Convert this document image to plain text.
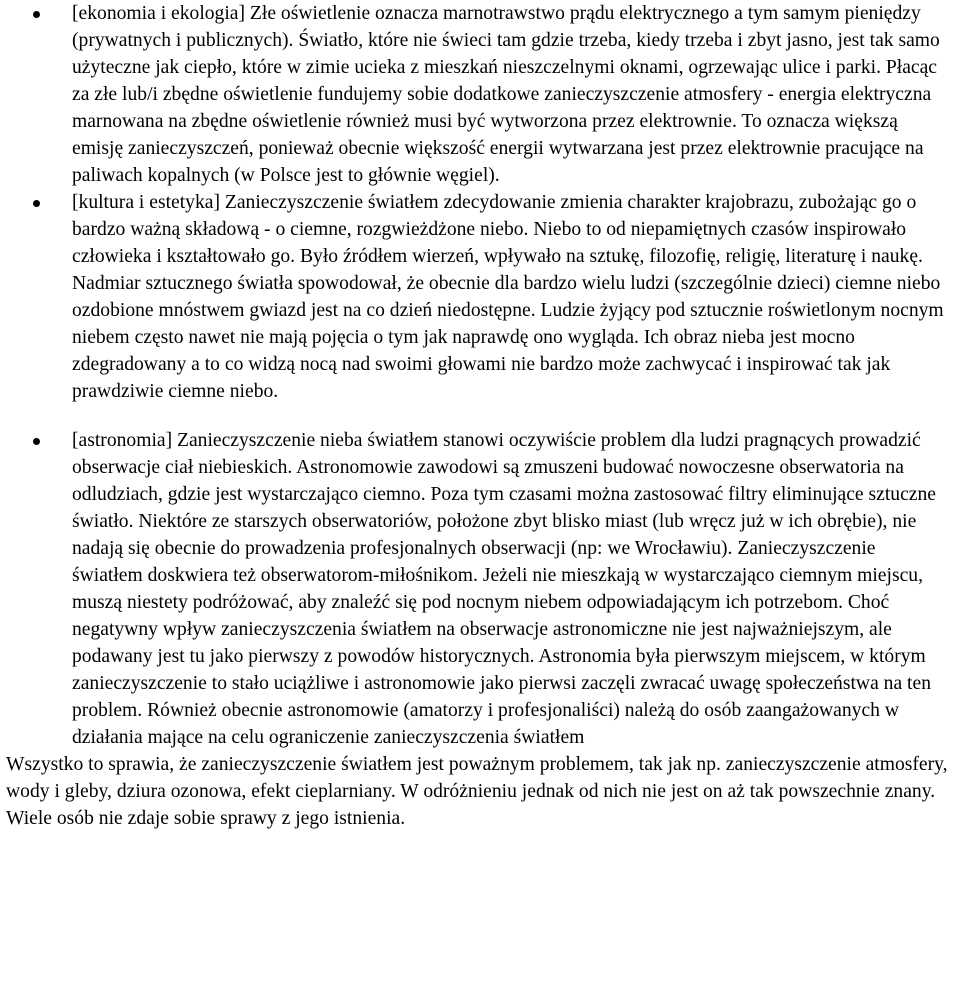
[ekonomia i ekologia] Złe oświetlenie oznacza marnotrawstwo prądu elektrycznego a tym samym pieniędzy (prywatnych i publicznych). Światło, które nie świeci tam gdzie trzeba, kiedy trzeba i zbyt jasno, jest tak samo użyteczne jak ciepło, które w zimie ucieka z mieszkań nieszczelnymi oknami, ogrzewając ulice i parki. Płacąc za złe lub/i zbędne oświetlenie fundujemy sobie dodatkowe zanieczyszczenie atmosfery - energia elektryczna marnowana na zbędne oświetlenie również musi być wytworzona przez elektrownie. To oznacza większą emisję zanieczyszczeń, ponieważ obecnie większość energii wytwarzana jest przez elektrownie pracujące na paliwach kopalnych (w Polsce jest to głównie węgiel).
[kultura i estetyka] Zanieczyszczenie światłem zdecydowanie zmienia charakter krajobrazu, zubożając go o bardzo ważną składową - o ciemne, rozgwieżdżone niebo. Niebo to od niepamiętnych czasów inspirowało człowieka i kształtowało go. Było źródłem wierzeń, wpływało na sztukę, filozofię, religię, literaturę i naukę. Nadmiar sztucznego światła spowodował, że obecnie dla bardzo wielu ludzi (szczególnie dzieci) ciemne niebo ozdobione mnóstwem gwiazd jest na co dzień niedostępne. Ludzie żyjący pod sztucznie roświetlonym nocnym niebem często nawet nie mają pojęcia o tym jak naprawdę ono wygląda. Ich obraz nieba jest mocno zdegradowany a to co widzą nocą nad swoimi głowami nie bardzo może zachwycać i inspirować tak jak prawdziwie ciemne niebo.
[astronomia] Zanieczyszczenie nieba światłem stanowi oczywiście problem dla ludzi pragnących prowadzić obserwacje ciał niebieskich. Astronomowie zawodowi są zmuszeni budować nowoczesne obserwatoria na odludziach, gdzie jest wystarczająco ciemno. Poza tym czasami można zastosować filtry eliminujące sztuczne światło. Niektóre ze starszych obserwatoriów, położone zbyt blisko miast (lub wręcz już w ich obrębie), nie nadają się obecnie do prowadzenia profesjonalnych obserwacji (np: we Wrocławiu). Zanieczyszczenie światłem doskwiera też obserwatorom-miłośnikom. Jeżeli nie mieszkają w wystarczająco ciemnym miejscu, muszą niestety podróżować, aby znaleźć się pod nocnym niebem odpowiadającym ich potrzebom. Choć negatywny wpływ zanieczyszczenia światłem na obserwacje astronomiczne nie jest najważniejszym, ale podawany jest tu jako pierwszy z powodów historycznych. Astronomia była pierwszym miejscem, w którym zanieczyszczenie to stało uciążliwe i astronomowie jako pierwsi zaczęli zwracać uwagę społeczeństwa na ten problem. Również obecnie astronomowie (amatorzy i profesjonaliści) należą do osób zaangażowanych w działania mające na celu ograniczenie zanieczyszczenia światłem

Wszystko to sprawia, że zanieczyszczenie światłem jest poważnym problemem, tak jak np. zanieczyszczenie atmosfery, wody i gleby, dziura ozonowa, efekt cieplarniany. W odróżnieniu jednak od nich nie jest on aż tak powszechnie znany. Wiele osób nie zdaje sobie sprawy z jego istnienia.
